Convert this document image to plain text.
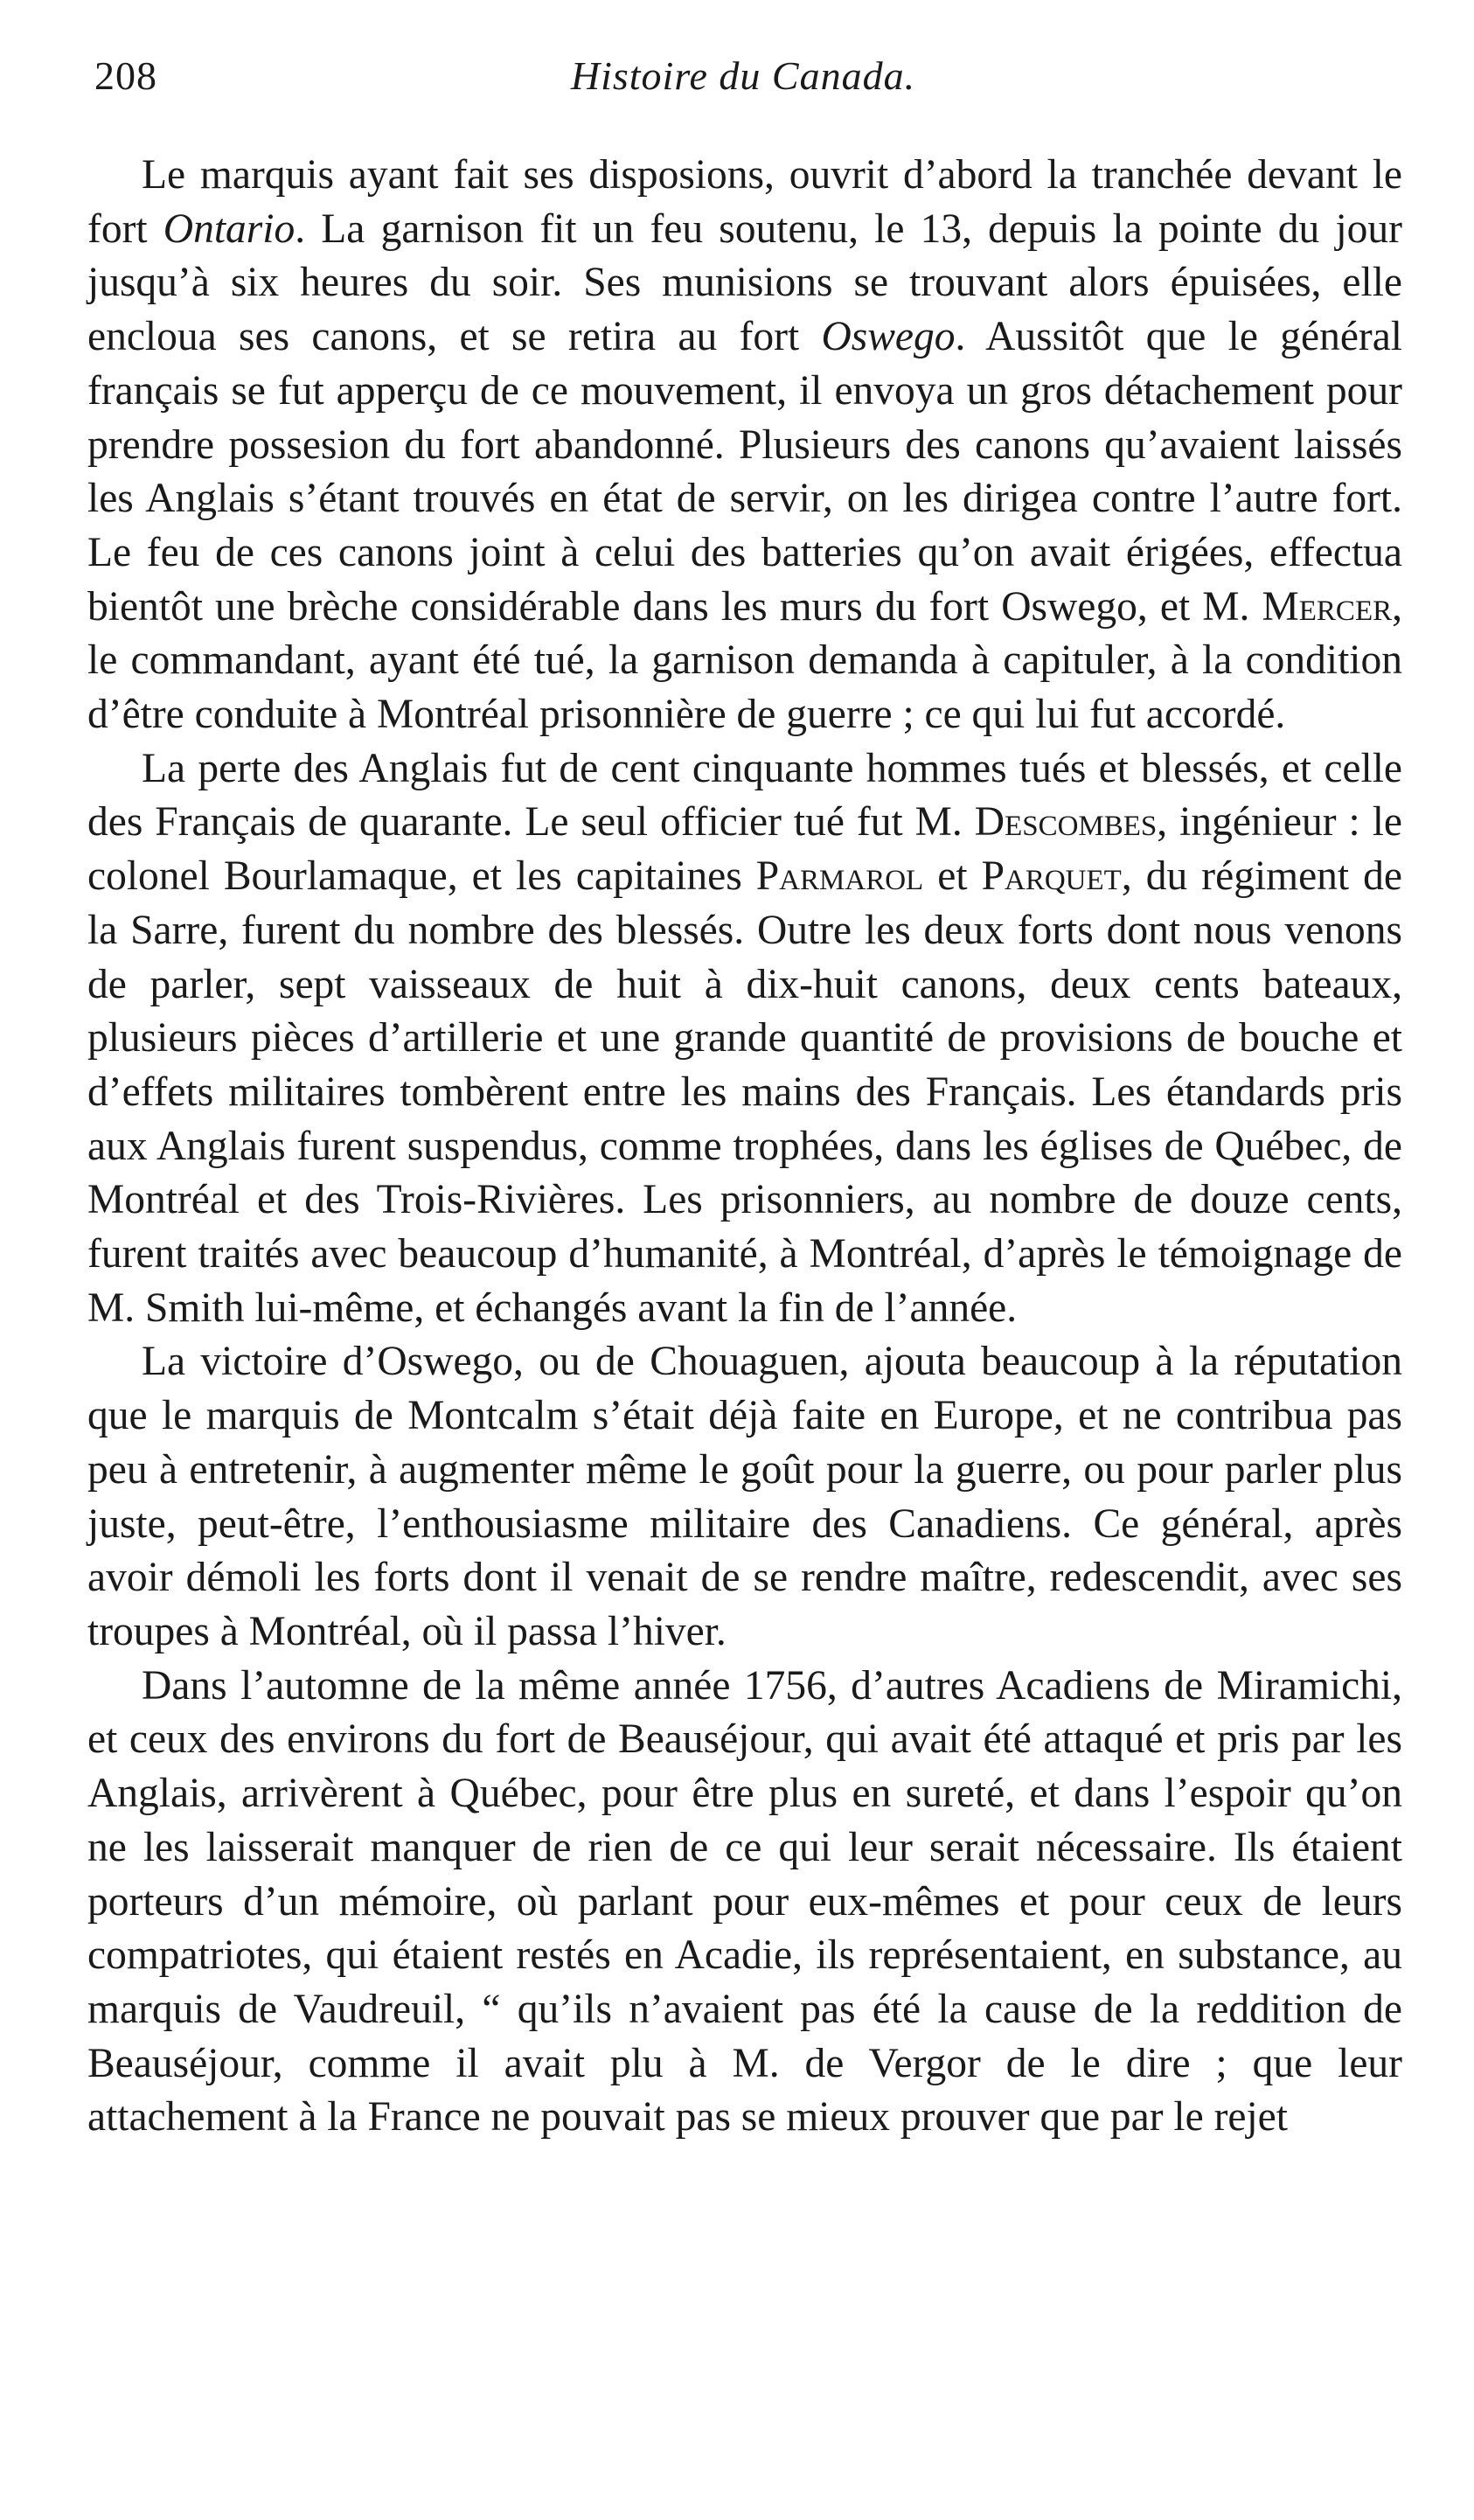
208	Histoire du Canada.

Le marquis ayant fait ses disposions, ouvrit d’abord la tranchée devant le fort Ontario. La garnison fit un feu soutenu, le 13, depuis la pointe du jour jusqu’à six heures du soir. Ses munisions se trouvant alors épuisées, elle encloua ses canons, et se retira au fort Oswego. Aussitôt que le général français se fut apperçu de ce mouvement, il envoya un gros détachement pour prendre possesion du fort abandonné. Plusieurs des canons qu’avaient laissés les Anglais s’étant trouvés en état de servir, on les dirigea contre l’autre fort. Le feu de ces canons joint à celui des batteries qu’on avait érigées, effectua bientôt une brèche considérable dans les murs du fort Oswego, et M. Mercer, le commandant, ayant été tué, la garnison demanda à capituler, à la condition d’être conduite à Montréal prisonnière de guerre ; ce qui lui fut accordé.

La perte des Anglais fut de cent cinquante hommes tués et blessés, et celle des Français de quarante. Le seul officier tué fut M. Descombes, ingénieur : le colonel Bourlamaque, et les capitaines Parmarol et Parquet, du régiment de la Sarre, furent du nombre des blessés. Outre les deux forts dont nous venons de parler, sept vaisseaux de huit à dix-huit canons, deux cents bateaux, plusieurs pièces d’artillerie et une grande quantité de provisions de bouche et d’effets militaires tombèrent entre les mains des Français. Les étandards pris aux Anglais furent suspendus, comme trophées, dans les églises de Québec, de Montréal et des Trois-Rivières. Les prisonniers, au nombre de douze cents, furent traités avec beaucoup d’humanité, à Montréal, d’après le témoignage de M. Smith lui-même, et échangés avant la fin de l’année.

La victoire d’Oswego, ou de Chouaguen, ajouta beaucoup à la réputation que le marquis de Montcalm s’était déjà faite en Europe, et ne contribua pas peu à entretenir, à augmenter même le goût pour la guerre, ou pour parler plus juste, peut-être, l’enthousiasme militaire des Canadiens. Ce général, après avoir démoli les forts dont il venait de se rendre maître, redescendit, avec ses troupes à Montréal, où il passa l’hiver.

Dans l’automne de la même année 1756, d’autres Acadiens de Miramichi, et ceux des environs du fort de Beauséjour, qui avait été attaqué et pris par les Anglais, arrivèrent à Québec, pour être plus en sureté, et dans l’espoir qu’on ne les laisserait manquer de rien de ce qui leur serait nécessaire. Ils étaient porteurs d’un mémoire, où parlant pour eux-mêmes et pour ceux de leurs compatriotes, qui étaient restés en Acadie, ils représentaient, en substance, au marquis de Vaudreuil, “ qu’ils n’avaient pas été la cause de la reddition de Beauséjour, comme il avait plu à M. de Vergor de le dire ; que leur attachement à la France ne pouvait pas se mieux prouver que par le rejet
